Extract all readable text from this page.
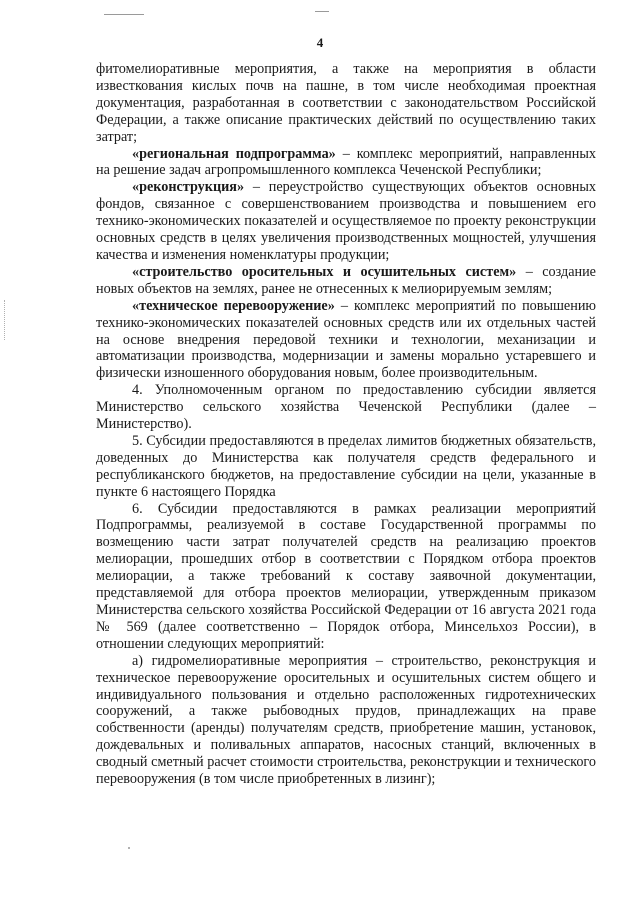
4

фитомелиоративные мероприятия, а также на мероприятия в области известкования кислых почв на пашне, в том числе необходимая проектная документация, разработанная в соответствии с законодательством Российской Федерации, а также описание практических действий по осуществлению таких затрат;

«региональная подпрограмма» – комплекс мероприятий, направленных на решение задач агропромышленного комплекса Чеченской Республики;

«реконструкция» – переустройство существующих объектов основных фондов, связанное с совершенствованием производства и повышением его технико-экономических показателей и осуществляемое по проекту реконструкции основных средств в целях увеличения производственных мощностей, улучшения качества и изменения номенклатуры продукции;

«строительство оросительных и осушительных систем» – создание новых объектов на землях, ранее не отнесенных к мелиорируемым землям;

«техническое перевооружение» – комплекс мероприятий по повышению технико-экономических показателей основных средств или их отдельных частей на основе внедрения передовой техники и технологии, механизации и автоматизации производства, модернизации и замены морально устаревшего и физически изношенного оборудования новым, более производительным.

4. Уполномоченным органом по предоставлению субсидии является Министерство сельского хозяйства Чеченской Республики (далее – Министерство).

5. Субсидии предоставляются в пределах лимитов бюджетных обязательств, доведенных до Министерства как получателя средств федерального и республиканского бюджетов, на предоставление субсидии на цели, указанные в пункте 6 настоящего Порядка

6. Субсидии предоставляются в рамках реализации мероприятий Подпрограммы, реализуемой в составе Государственной программы по возмещению части затрат получателей средств на реализацию проектов мелиорации, прошедших отбор в соответствии с Порядком отбора проектов мелиорации, а также требований к составу заявочной документации, представляемой для отбора проектов мелиорации, утвержденным приказом Министерства сельского хозяйства Российской Федерации от 16 августа 2021 года № 569 (далее соответственно – Порядок отбора, Минсельхоз России), в отношении следующих мероприятий:

а) гидромелиоративные мероприятия – строительство, реконструкция и техническое перевооружение оросительных и осушительных систем общего и индивидуального пользования и отдельно расположенных гидротехнических сооружений, а также рыбоводных прудов, принадлежащих на праве собственности (аренды) получателям средств, приобретение машин, установок, дождевальных и поливальных аппаратов, насосных станций, включенных в сводный сметный расчет стоимости строительства, реконструкции и технического перевооружения (в том числе приобретенных в лизинг);
